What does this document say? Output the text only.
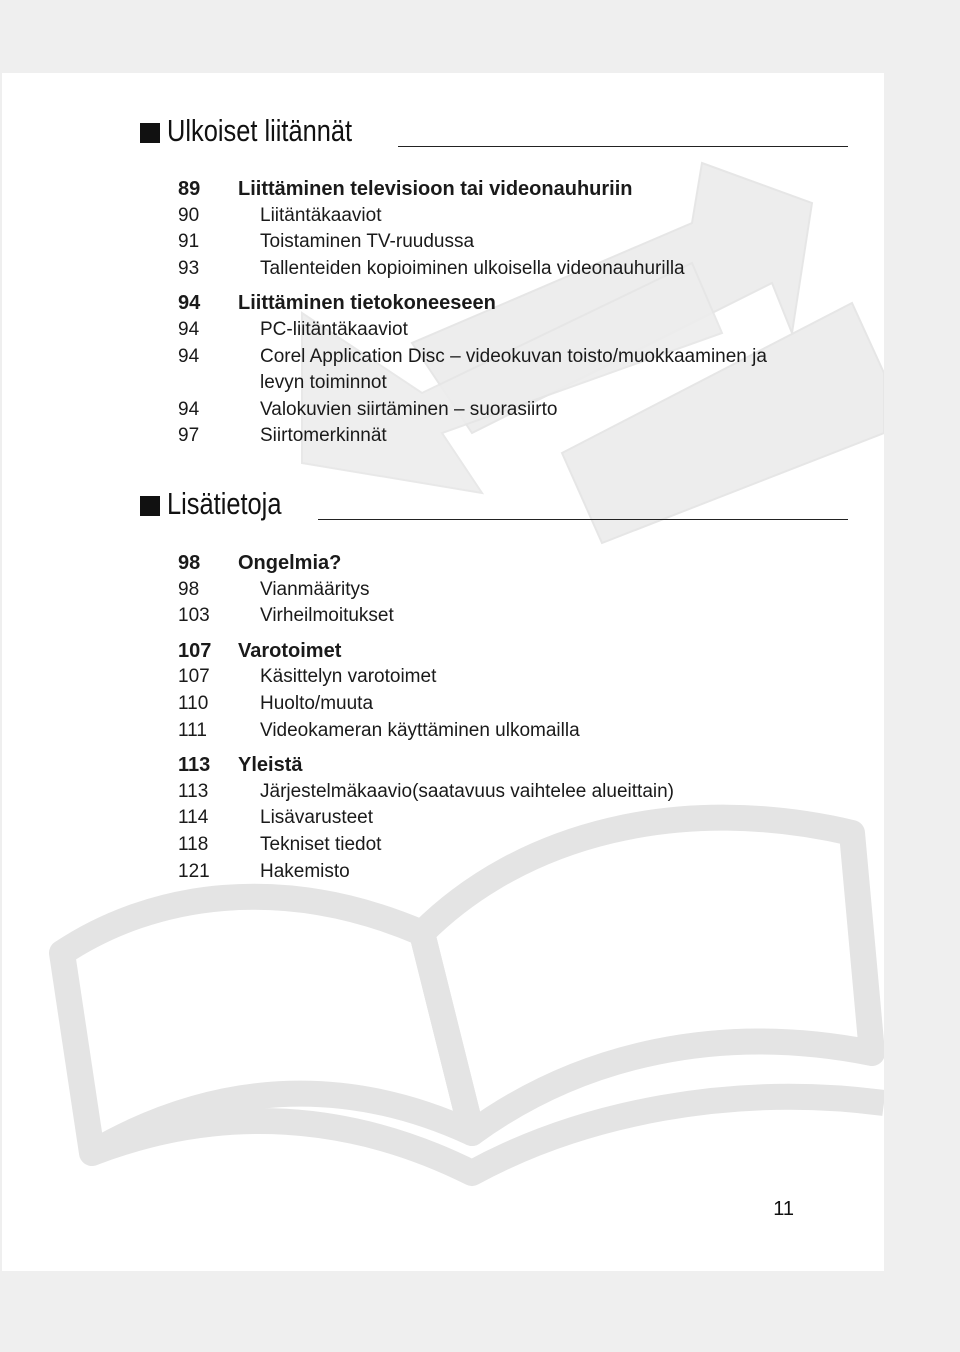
Ulkoiset liitännät
89	Liittäminen televisioon tai videonauhuriin
90	Liitäntäkaaviot
91	Toistaminen TV-ruudussa
93	Tallenteiden kopioiminen ulkoisella videonauhurilla
94	Liittäminen tietokoneeseen
94	PC-liitäntäkaaviot
94	Corel Application Disc – videokuvan toisto/muokkaaminen ja
levyn toiminnot
94	Valokuvien siirtäminen – suorasiirto
97	Siirtomerkinnät
Lisätietoja
98	Ongelmia?
98	Vianmääritys
103	Virheilmoitukset
107	Varotoimet
107	Käsittelyn varotoimet
110	Huolto/muuta
111	Videokameran käyttäminen ulkomailla
113	Yleistä
113	Järjestelmäkaavio(saatavuus vaihtelee alueittain)
114	Lisävarusteet
118	Tekniset tiedot
121	Hakemisto
11
